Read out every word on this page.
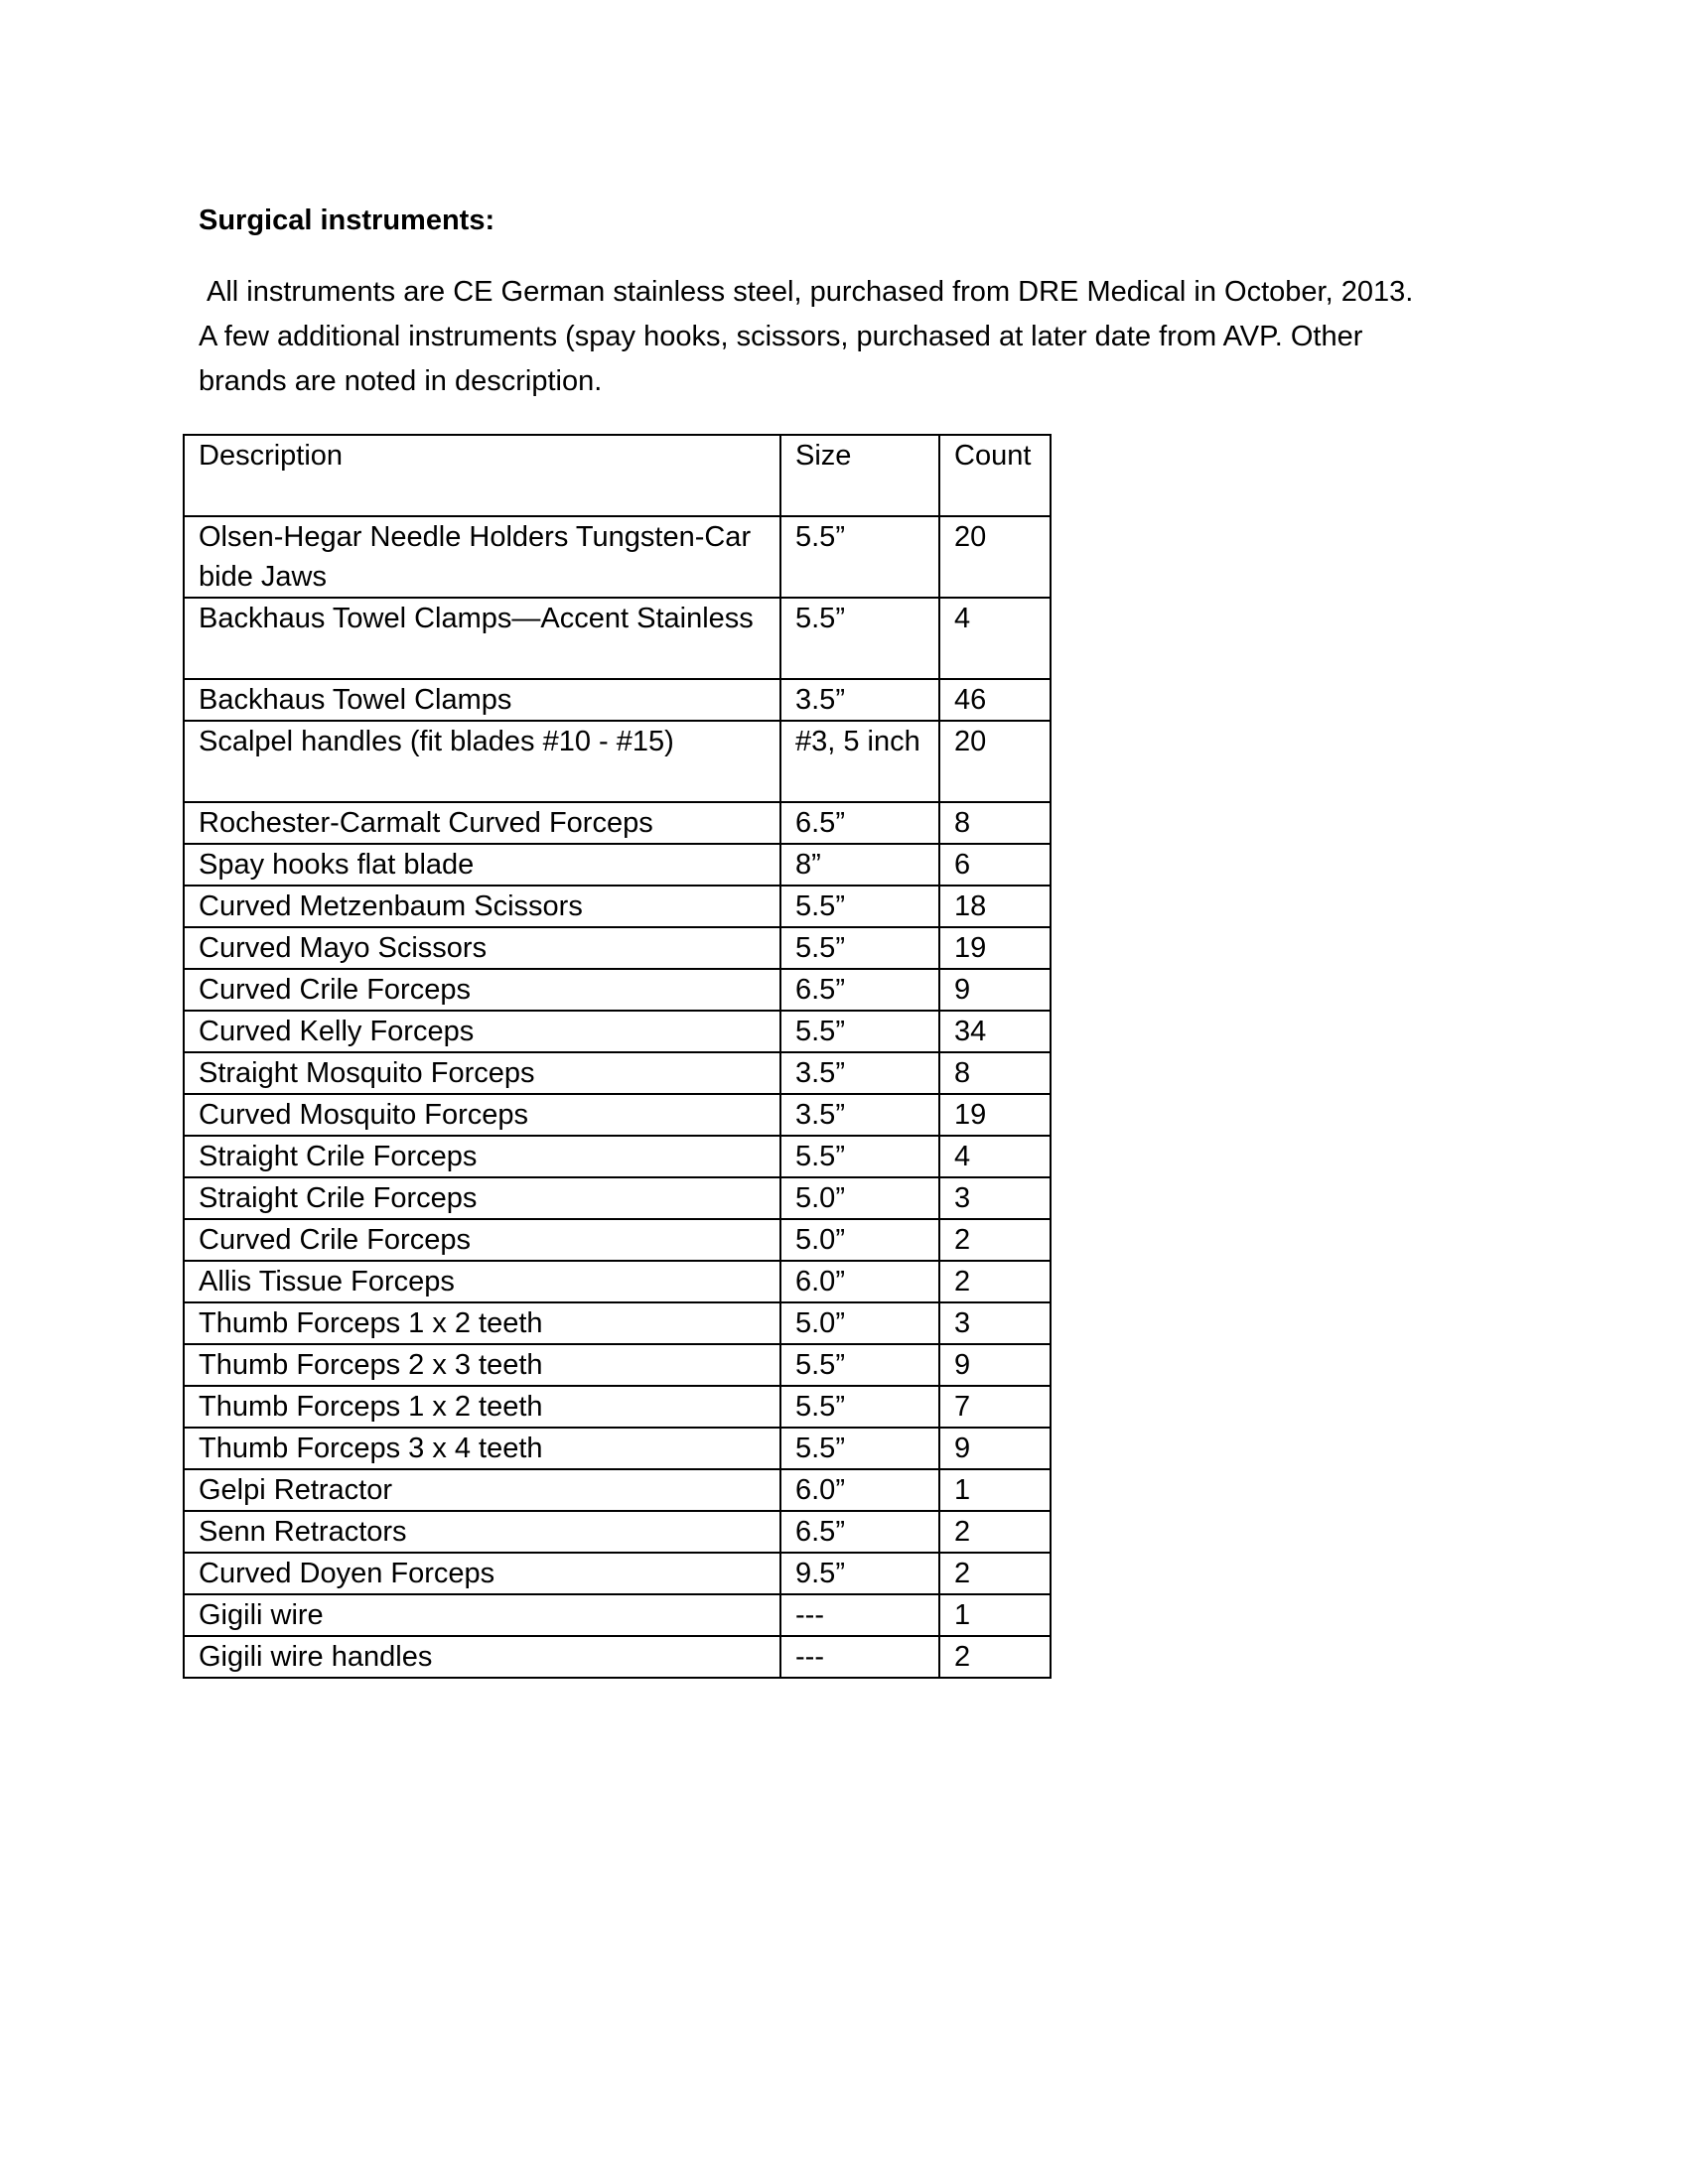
Surgical instruments:
All instruments are CE German stainless steel, purchased from DRE Medical in October, 2013.
A few additional instruments (spay hooks, scissors, purchased at later date from AVP. Other
brands are noted in description.
Description	Size	Count
Olsen-Hegar Needle Holders Tungsten-Carbide Jaws	5.5”	20
Backhaus Towel Clamps—Accent Stainless	5.5”	4
Backhaus Towel Clamps	3.5”	46
Scalpel handles (fit blades #10 - #15)	#3, 5 inch	20
Rochester-Carmalt Curved Forceps	6.5”	8
Spay hooks flat blade	8”	6
Curved Metzenbaum Scissors	5.5”	18
Curved Mayo Scissors	5.5”	19
Curved Crile Forceps	6.5”	9
Curved Kelly Forceps	5.5”	34
Straight Mosquito Forceps	3.5”	8
Curved Mosquito Forceps	3.5”	19
Straight Crile Forceps	5.5”	4
Straight Crile Forceps	5.0”	3
Curved Crile Forceps	5.0”	2
Allis Tissue Forceps	6.0”	2
Thumb Forceps 1 x 2 teeth	5.0”	3
Thumb Forceps 2 x 3 teeth	5.5”	9
Thumb Forceps 1 x 2 teeth	5.5”	7
Thumb Forceps 3 x 4 teeth	5.5”	9
Gelpi Retractor	6.0”	1
Senn Retractors	6.5”	2
Curved Doyen Forceps	9.5”	2
Gigili wire	---	1
Gigili wire handles	---	2
